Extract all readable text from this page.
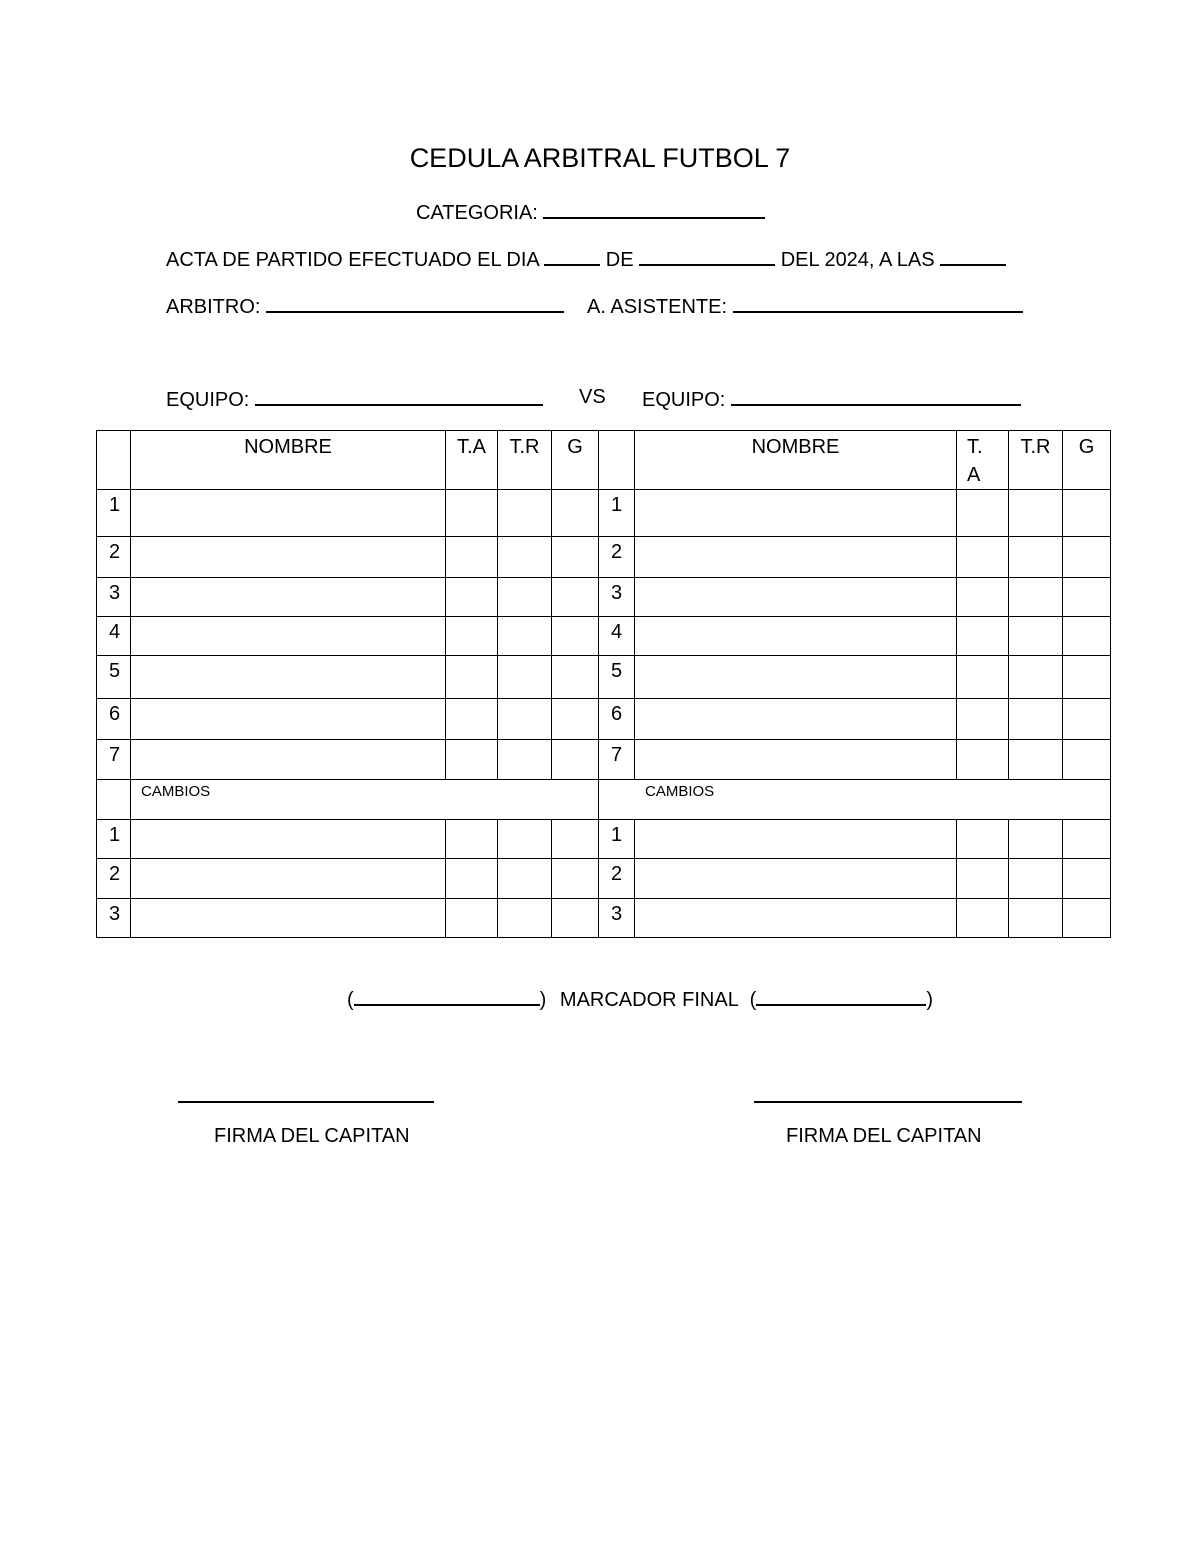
CEDULA ARBITRAL FUTBOL 7
CATEGORIA:
ACTA DE PARTIDO EFECTUADO EL DIA	DE	DEL 2024, A LAS
ARBITRO:	A. ASISTENTE:
EQUIPO:	VS EQUIPO:
	NOMBRE	T.A	T.R	G		NOMBRE	T. A	T.R	G
1					1				
2					2				
3					3				
4					4				
5					5				
6					6				
7					7				
	CAMBIOS				CAMBIOS				
1					1				
2					2				
3					3				
(	) MARCADOR FINAL (	)
FIRMA DEL CAPITAN	FIRMA DEL CAPITAN
